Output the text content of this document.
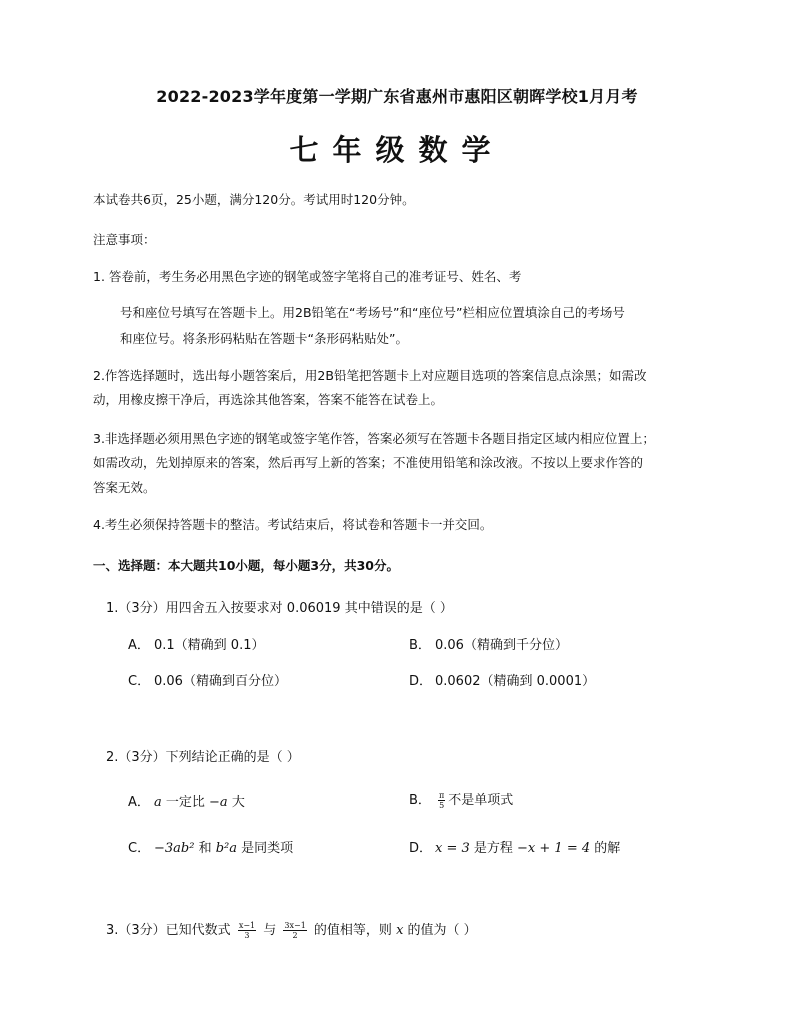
2022-2023学年度第一学期广东省惠州市惠阳区朝晖学校1月月考
七年级数学
本试卷共6页，25小题，满分120分。考试用时120分钟。
注意事项：
1. 答卷前，考生务必用黑色字迹的钢笔或签字笔将自己的准考证号、姓名、考
号和座位号填写在答题卡上。用2B铅笔在“考场号”和“座位号”栏相应位置填涂自己的考场号
和座位号。将条形码粘贴在答题卡“条形码粘贴处”。
2.作答选择题时，选出每小题答案后，用2B铅笔把答题卡上对应题目选项的答案信息点涂黑；如需改
动，用橡皮擦干净后，再选涂其他答案，答案不能答在试卷上。
3.非选择题必须用黑色字迹的钢笔或签字笔作答，答案必须写在答题卡各题目指定区域内相应位置上；
如需改动，先划掉原来的答案，然后再写上新的答案；不准使用铅笔和涂改液。不按以上要求作答的
答案无效。
4.考生必须保持答题卡的整洁。考试结束后，将试卷和答题卡一并交回。
一、选择题：本大题共10小题，每小题3分，共30分。
1.（3分）用四舍五入按要求对 0.06019 其中错误的是（ ）
A． 0.1（精确到 0.1）	B． 0.06（精确到千分位）
C． 0.06（精确到百分位）	D． 0.0602（精确到 0.0001）
2.（3分）下列结论正确的是（ ）
A． a 一定比 −a 大	B． $\frac{\pi}{5}$ 不是单项式
C． −3ab² 和 b²a 是同类项	D． x = 3 是方程 −x + 1 = 4 的解
3.（3分）已知代数式 $\frac{x-1}{3}$ 与 $\frac{3x-1}{2}$ 的值相等，则 x 的值为（ ）
